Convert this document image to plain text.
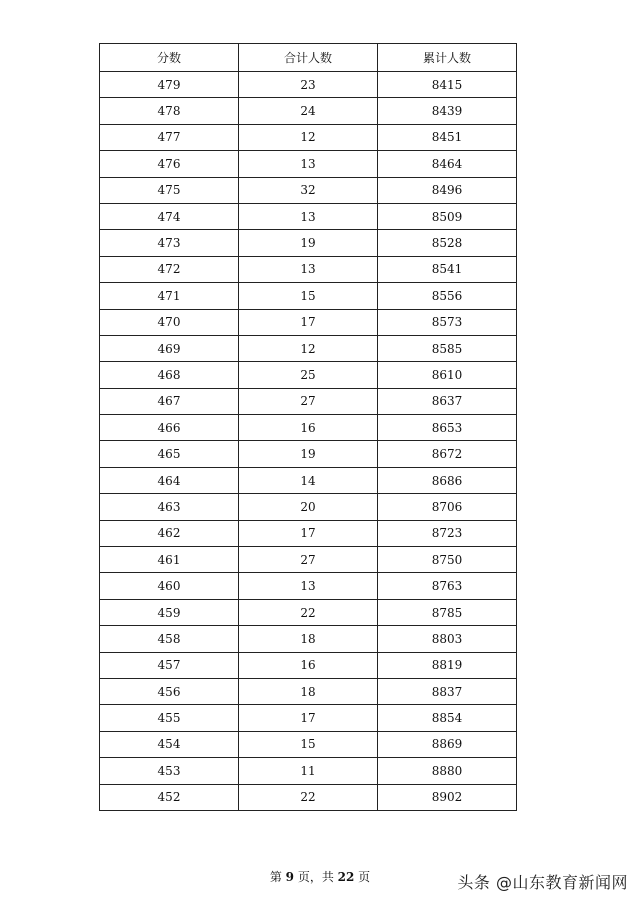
分数	合计人数	累计人数
479	23	8415
478	24	8439
477	12	8451
476	13	8464
475	32	8496
474	13	8509
473	19	8528
472	13	8541
471	15	8556
470	17	8573
469	12	8585
468	25	8610
467	27	8637
466	16	8653
465	19	8672
464	14	8686
463	20	8706
462	17	8723
461	27	8750
460	13	8763
459	22	8785
458	18	8803
457	16	8819
456	18	8837
455	17	8854
454	15	8869
453	11	8880
452	22	8902
第 9 页，共 22 页	头条 @山东教育新闻网
